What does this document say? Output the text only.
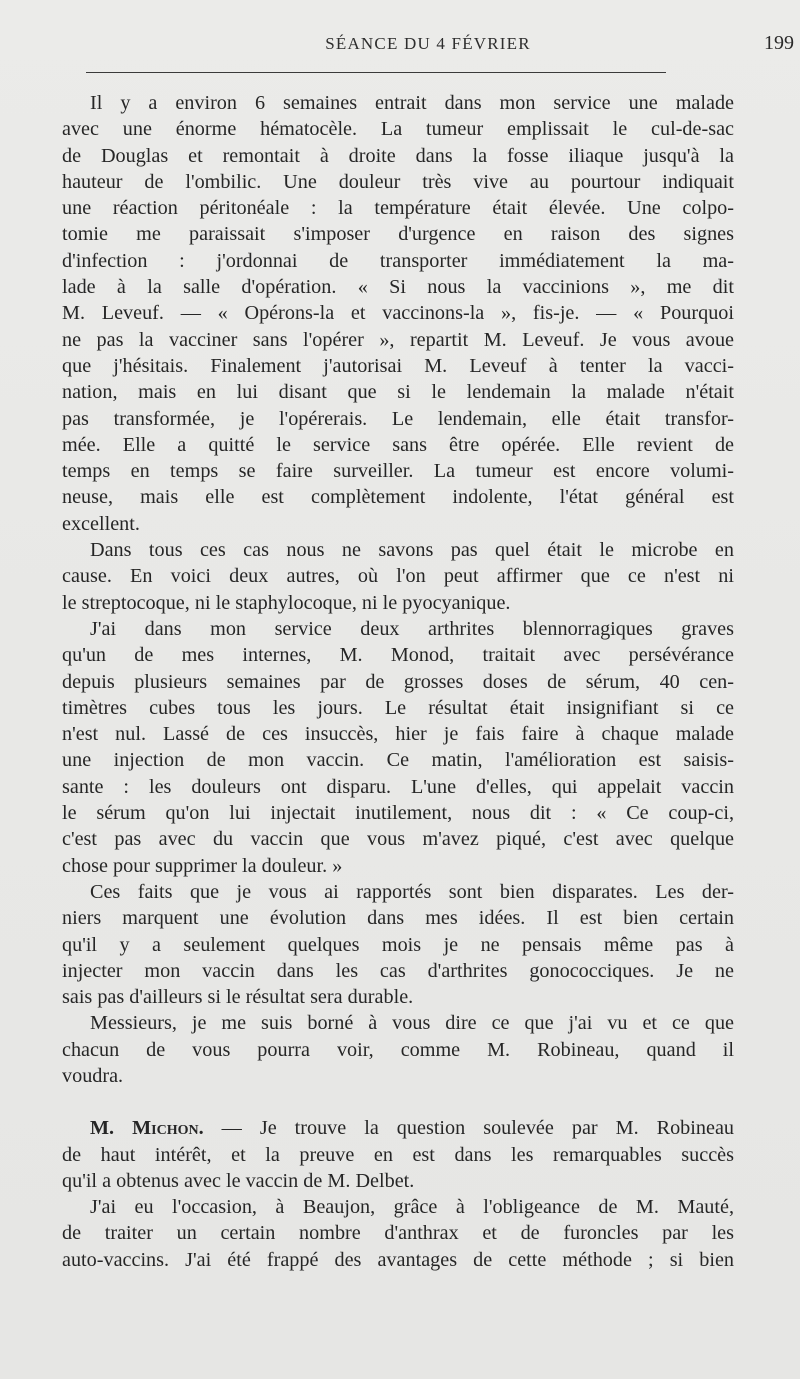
SÉANCE DU 4 FÉVRIER	199
Il y a environ 6 semaines entrait dans mon service une malade
avec une énorme hématocèle. La tumeur emplissait le cul-de-sac
de Douglas et remontait à droite dans la fosse iliaque jusqu'à la
hauteur de l'ombilic. Une douleur très vive au pourtour indiquait
une réaction péritonéale : la température était élevée. Une colpo-
tomie me paraissait s'imposer d'urgence en raison des signes
d'infection : j'ordonnai de transporter immédiatement la ma-
lade à la salle d'opération. « Si nous la vaccinions », me dit
M. Leveuf. — « Opérons-la et vaccinons-la », fis-je. — « Pourquoi
ne pas la vacciner sans l'opérer », repartit M. Leveuf. Je vous avoue
que j'hésitais. Finalement j'autorisai M. Leveuf à tenter la vacci-
nation, mais en lui disant que si le lendemain la malade n'était
pas transformée, je l'opérerais. Le lendemain, elle était transfor-
mée. Elle a quitté le service sans être opérée. Elle revient de
temps en temps se faire surveiller. La tumeur est encore volumi-
neuse, mais elle est complètement indolente, l'état général est
excellent.
Dans tous ces cas nous ne savons pas quel était le microbe en
cause. En voici deux autres, où l'on peut affirmer que ce n'est ni
le streptocoque, ni le staphylocoque, ni le pyocyanique.
J'ai dans mon service deux arthrites blennorragiques graves
qu'un de mes internes, M. Monod, traitait avec persévérance
depuis plusieurs semaines par de grosses doses de sérum, 40 cen-
timètres cubes tous les jours. Le résultat était insignifiant si ce
n'est nul. Lassé de ces insuccès, hier je fais faire à chaque malade
une injection de mon vaccin. Ce matin, l'amélioration est saisis-
sante : les douleurs ont disparu. L'une d'elles, qui appelait vaccin
le sérum qu'on lui injectait inutilement, nous dit : « Ce coup-ci,
c'est pas avec du vaccin que vous m'avez piqué, c'est avec quelque
chose pour supprimer la douleur. »
Ces faits que je vous ai rapportés sont bien disparates. Les der-
niers marquent une évolution dans mes idées. Il est bien certain
qu'il y a seulement quelques mois je ne pensais même pas à
injecter mon vaccin dans les cas d'arthrites gonococciques. Je ne
sais pas d'ailleurs si le résultat sera durable.
Messieurs, je me suis borné à vous dire ce que j'ai vu et ce que
chacun de vous pourra voir, comme M. Robineau, quand il
voudra.
M. Michon. — Je trouve la question soulevée par M. Robineau
de haut intérêt, et la preuve en est dans les remarquables succès
qu'il a obtenus avec le vaccin de M. Delbet.
J'ai eu l'occasion, à Beaujon, grâce à l'obligeance de M. Mauté,
de traiter un certain nombre d'anthrax et de furoncles par les
auto-vaccins. J'ai été frappé des avantages de cette méthode ; si bien
